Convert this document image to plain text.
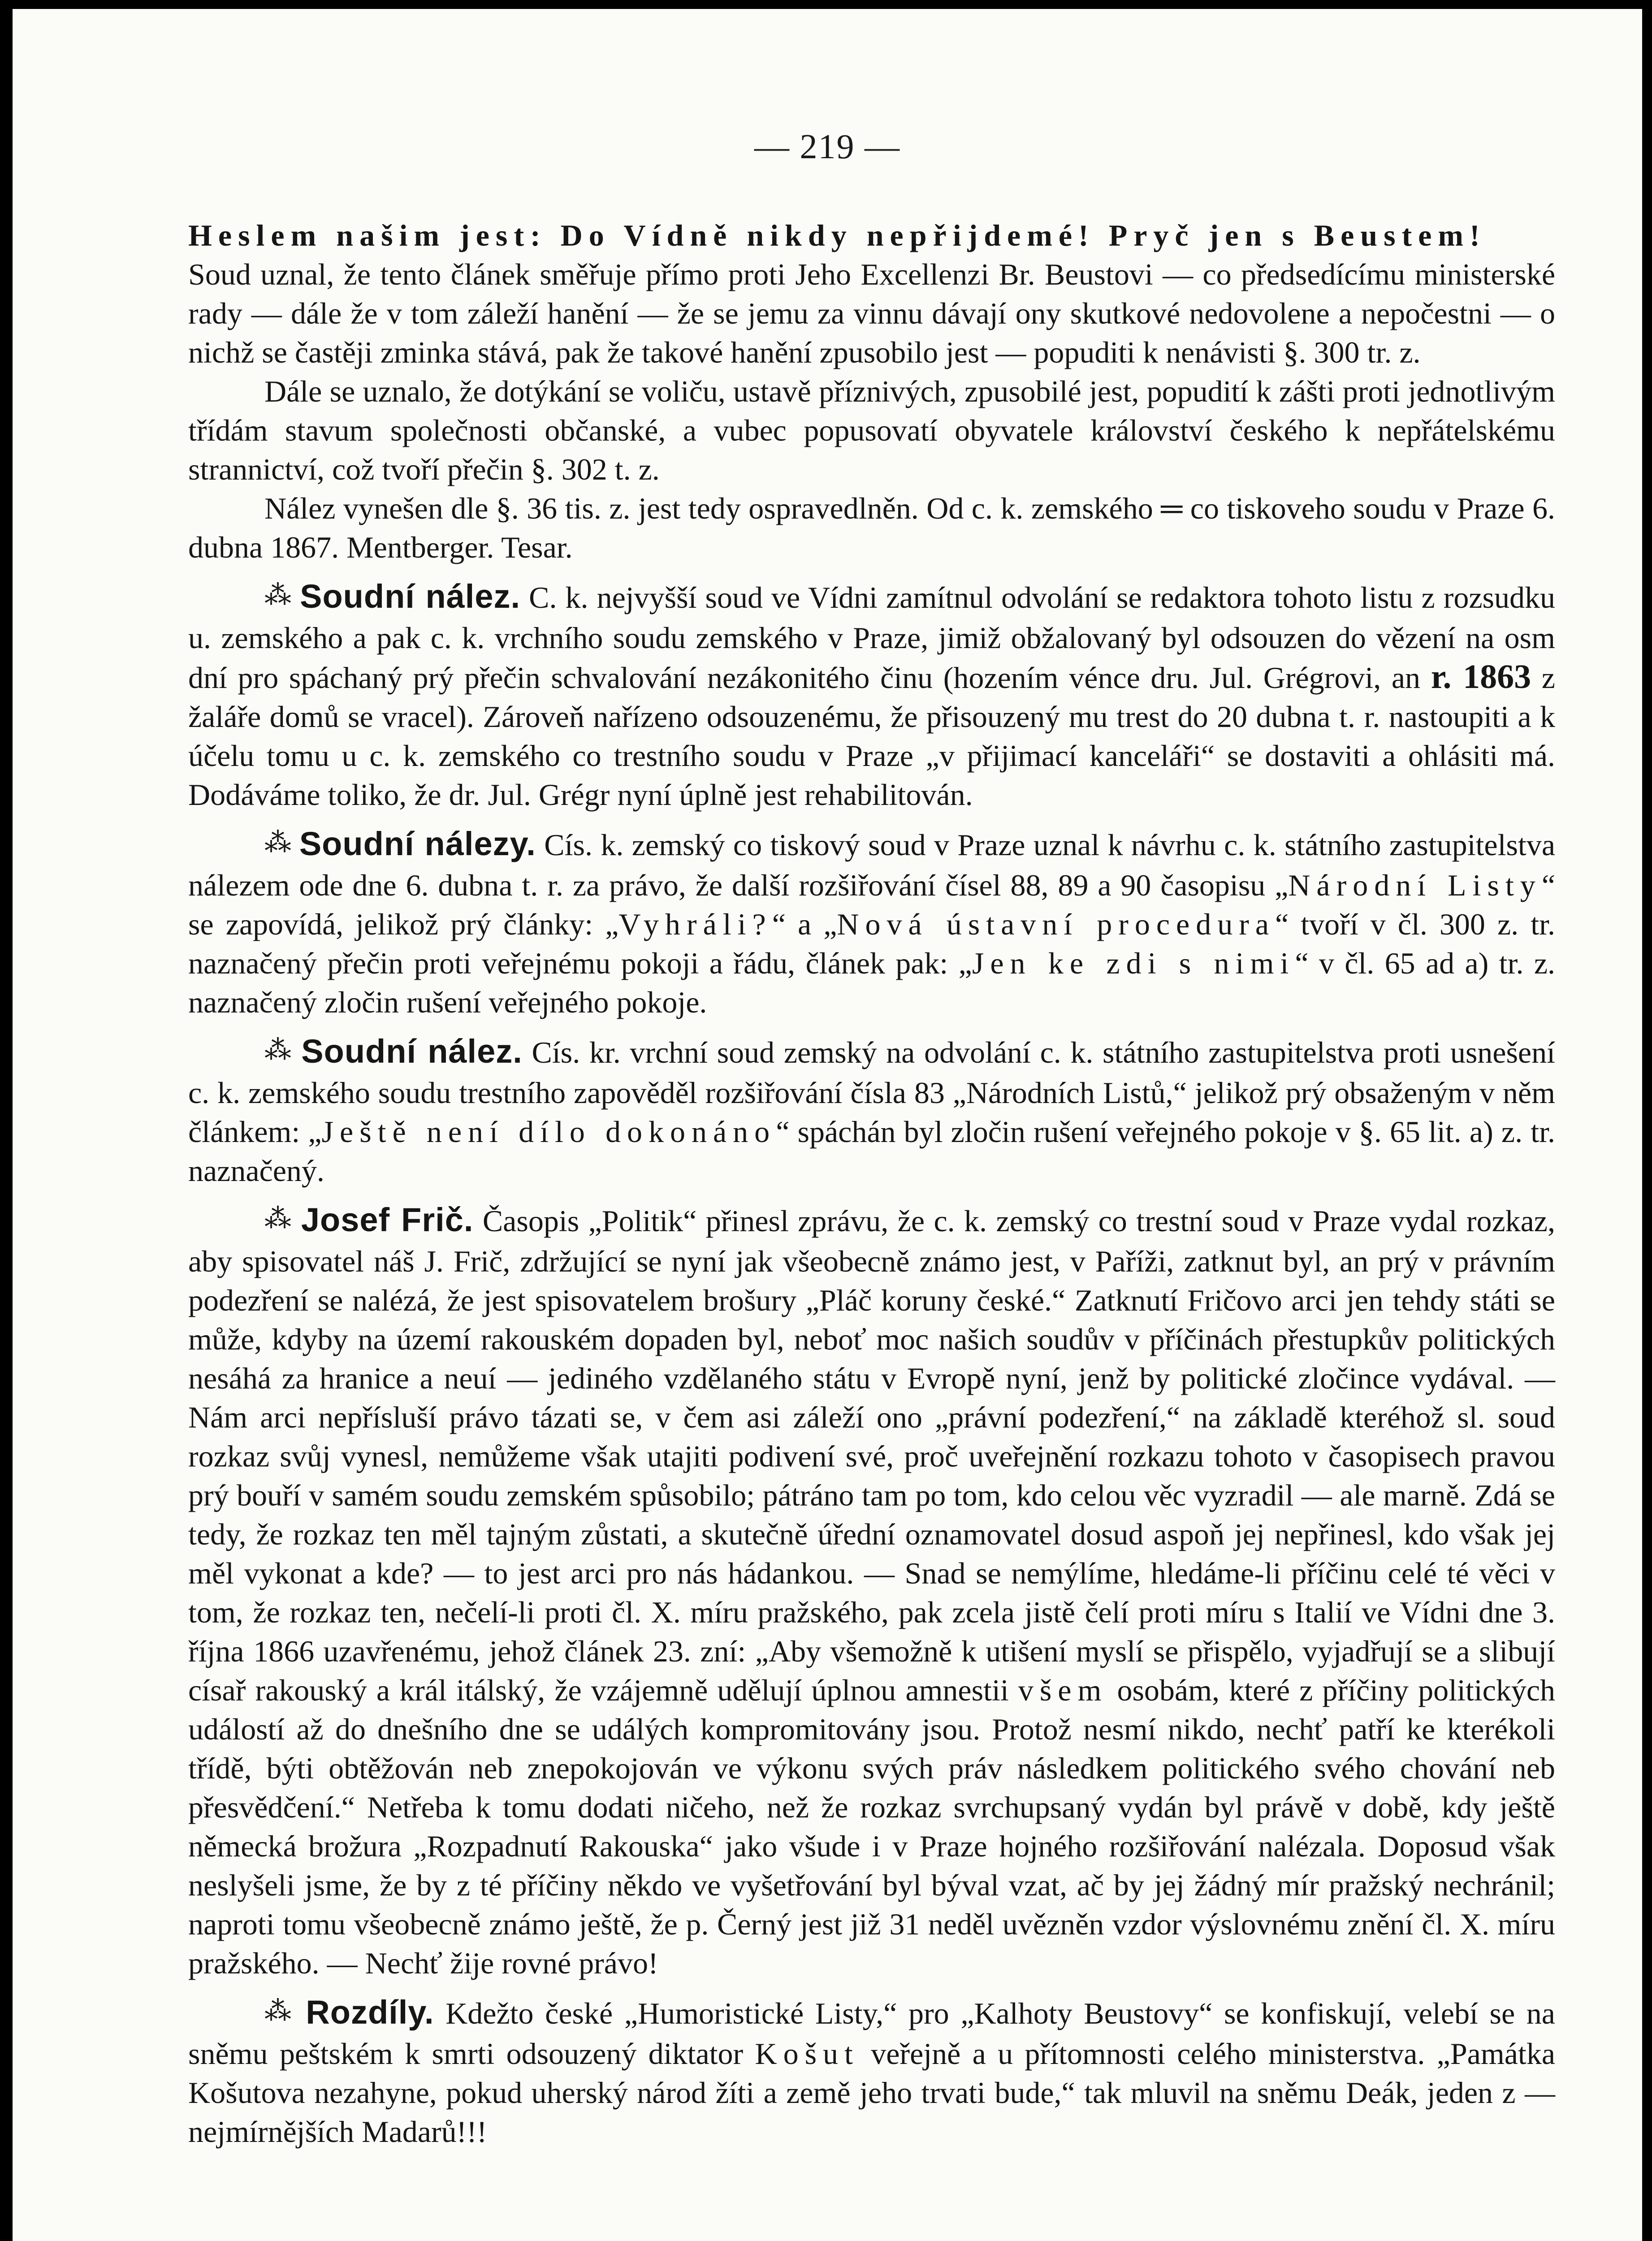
— 219 —

Heslem našim jest: Do Vídně nikdy nepřijdemé! Pryč jen s Beustem!

Soud uznal, že tento článek směřuje přímo proti Jeho Excellenzi Br. Beustovi — co předsedícímu ministerské rady — dále že v tom záleží hanění — že se jemu za vinnu dávají ony skutkové nedovolene a nepočestni — o nichž se častěji zminka stává, pak že takové hanění zpusobilo jest — popuditi k nenávisti §. 300 tr. z.

Dále se uznalo, že dotýkání se voliču, ustavě příznivých, zpusobilé jest, popudití k zášti proti jednotlivým třídám stavum společnosti občanské, a vubec popusovatí obyvatele království českého k nepřátelskému strannictví, což tvoří přečin §. 302 t. z.

Nález vynešen dle §. 36 tis. z. jest tedy ospravedlněn. Od c. k. zemského ═ co tiskoveho soudu v Praze 6. dubna 1867. Mentberger. Tesar.

⁂ Soudní nález. C. k. nejvyšší soud ve Vídni zamítnul odvolání se redaktora tohoto listu z rozsudku u. zemského a pak c. k. vrchního soudu zemského v Praze, jimiž obžalovaný byl odsouzen do vězení na osm dní pro spáchaný prý přečin schvalování nezákonitého činu (hozením vénce dru. Jul. Grégrovi, an r. 1863 z žaláře domů se vracel). Zároveň nařízeno odsouzenému, že přisouzený mu trest do 20 dubna t. r. nastoupiti a k účelu tomu u c. k. zemského co trestního soudu v Praze „v přijimací kanceláři“ se dostaviti a ohlásiti má. Dodáváme toliko, že dr. Jul. Grégr nyní úplně jest rehabilitován.

⁂ Soudní nálezy. Cís. k. zemský co tiskový soud v Praze uznal k návrhu c. k. státního zastupitelstva nálezem ode dne 6. dubna t. r. za právo, že další rozšiřování čísel 88, 89 a 90 časopisu „Národní Listy“ se zapovídá, jelikož prý články: „Vyhráli?“ a „Nová ústavní procedura“ tvoří v čl. 300 z. tr. naznačený přečin proti veřejnému pokoji a řádu, článek pak: „Jen ke zdi s nimi“ v čl. 65 ad a) tr. z. naznačený zločin rušení veřejného pokoje.

⁂ Soudní nález. Cís. kr. vrchní soud zemský na odvolání c. k. státního zastupitelstva proti usnešení c. k. zemského soudu trestního zapověděl rozšiřování čísla 83 „Národních Listů,“ jelikož prý obsaženým v něm článkem: „Ještě není dílo dokonáno“ spáchán byl zločin rušení veřejného pokoje v §. 65 lit. a) z. tr. naznačený.

⁂ Josef Frič. Časopis „Politik“ přinesl zprávu, že c. k. zemský co trestní soud v Praze vydal rozkaz, aby spisovatel náš J. Frič, zdržující se nyní jak všeobecně známo jest, v Paříži, zatknut byl, an prý v právním podezření se nalézá, že jest spisovatelem brošury „Pláč koruny české.“ Zatknutí Fričovo arci jen tehdy státi se může, kdyby na území rakouském dopaden byl, neboť moc našich soudův v příčinách přestupkův politických nesáhá za hranice a neuí — jediného vzdělaného státu v Evropě nyní, jenž by politické zločince vydával. — Nám arci nepřísluší právo tázati se, v čem asi záleží ono „právní podezření,“ na základě kteréhož sl. soud rozkaz svůj vynesl, nemůžeme však utajiti podivení své, proč uveřejnění rozkazu tohoto v časopisech pravou prý bouří v samém soudu zemském spůsobilo; pátráno tam po tom, kdo celou věc vyzradil — ale marně. Zdá se tedy, že rozkaz ten měl tajným zůstati, a skutečně úřední oznamovatel dosud aspoň jej nepřinesl, kdo však jej měl vykonat a kde? — to jest arci pro nás hádankou. — Snad se nemýlíme, hledáme-li příčinu celé té věci v tom, že rozkaz ten, nečelí-li proti čl. X. míru pražského, pak zcela jistě čelí proti míru s Italií ve Vídni dne 3. října 1866 uzavřenému, jehož článek 23. zní: „Aby všemožně k utišení myslí se přispělo, vyjadřují se a slibují císař rakouský a král itálský, že vzájemně udělují úplnou amnestii všem osobám, které z příčiny politických událostí až do dnešního dne se událých kompromitovány jsou. Protož nesmí nikdo, nechť patří ke kterékoli třídě, býti obtěžován neb znepokojován ve výkonu svých práv následkem politického svého chování neb přesvědčení.“ Netřeba k tomu dodati ničeho, než že rozkaz svrchupsaný vydán byl právě v době, kdy ještě německá brožura „Rozpadnutí Rakouska“ jako všude i v Praze hojného rozšiřování nalézala. Doposud však neslyšeli jsme, že by z té příčiny někdo ve vyšetřování byl býval vzat, ač by jej žádný mír pražský nechránil; naproti tomu všeobecně známo ještě, že p. Černý jest již 31 neděl uvězněn vzdor výslovnému znění čl. X. míru pražského. — Nechť žije rovné právo!

⁂ Rozdíly. Kdežto české „Humoristické Listy,“ pro „Kalhoty Beustovy“ se konfiskují, velebí se na sněmu peštském k smrti odsouzený diktator Košut veřejně a u přítomnosti celého ministerstva. „Památka Košutova nezahyne, pokud uherský národ žíti a země jeho trvati bude,“ tak mluvil na sněmu Deák, jeden z — nejmírnějších Madarů!!!
